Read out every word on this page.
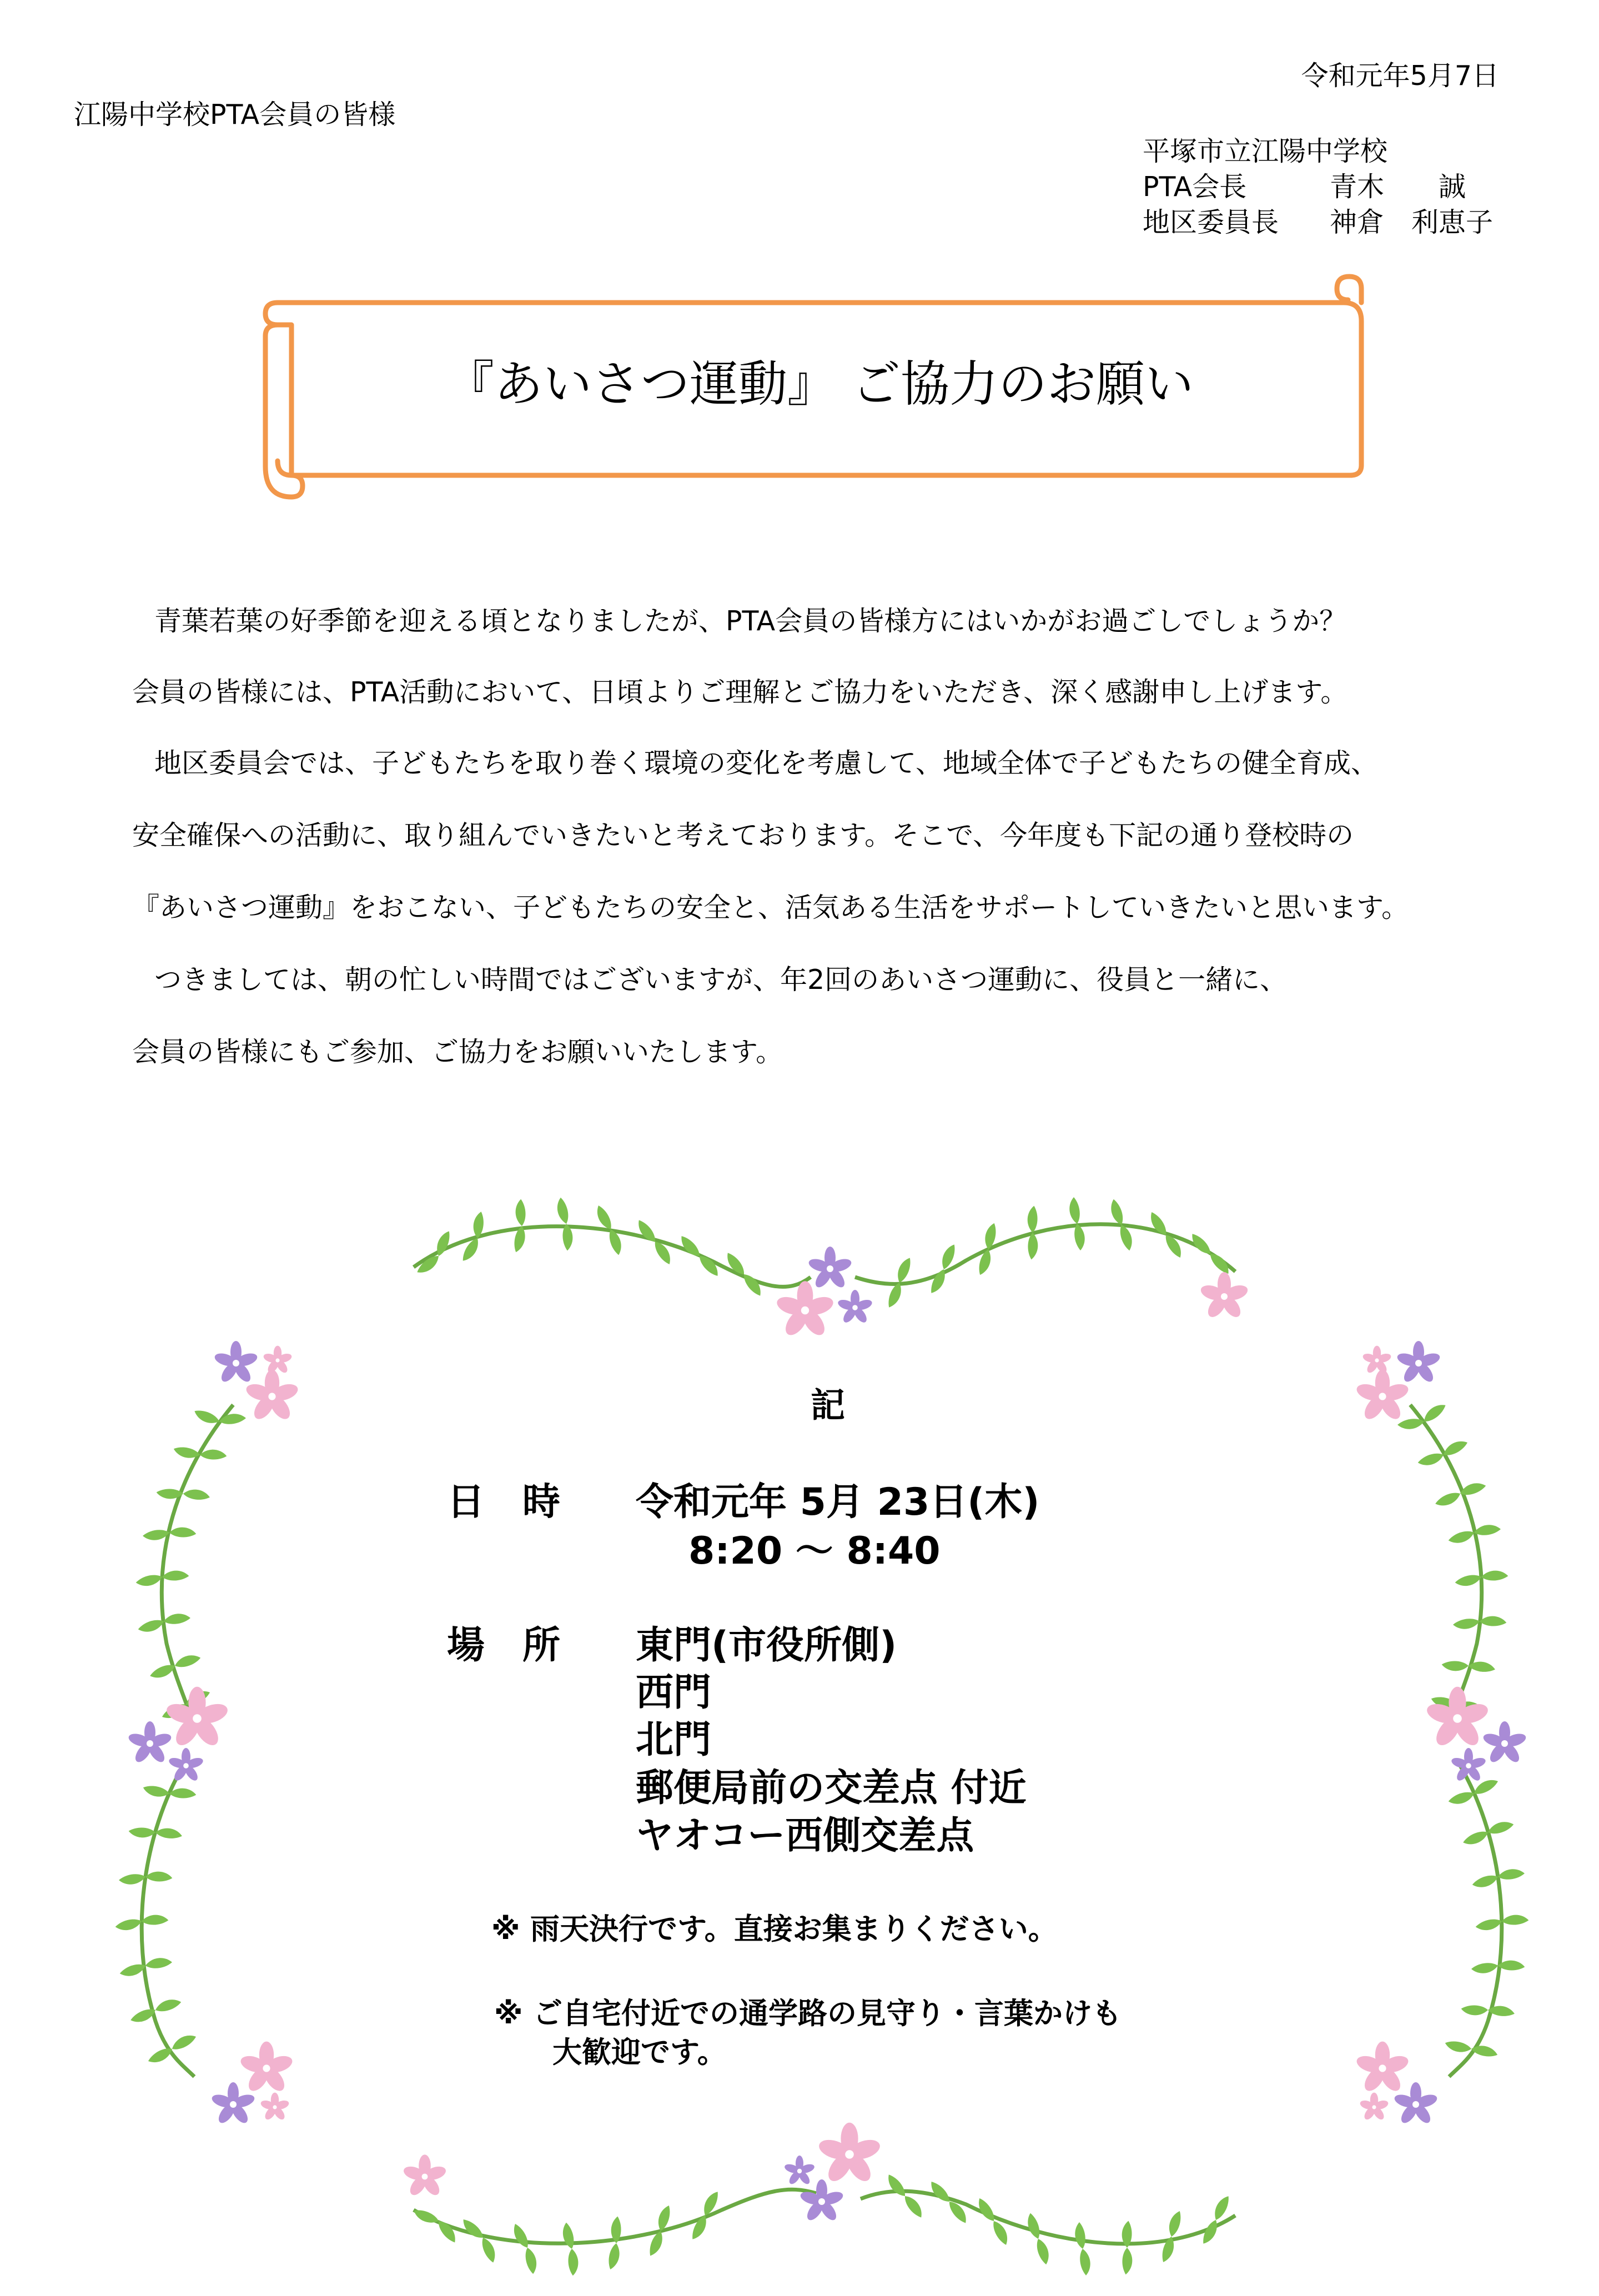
令和元年5月7日
江陽中学校PTA会員の皆様
平塚市立江陽中学校
PTA会長	青木　　誠
地区委員長 神倉　利恵子
『あいさつ運動』 ご協力のお願い
青葉若葉の好季節を迎える頃となりましたが、PTA会員の皆様方にはいかがお過ごしでしょうか？
会員の皆様には、PTA活動において、日頃よりご理解とご協力をいただき、深く感謝申し上げます。
地区委員会では、子どもたちを取り巻く環境の変化を考慮して、地域全体で子どもたちの健全育成、
安全確保への活動に、取り組んでいきたいと考えております。そこで、今年度も下記の通り登校時の
『あいさつ運動』をおこない、子どもたちの安全と、活気ある生活をサポートしていきたいと思います。
つきましては、朝の忙しい時間ではございますが、年2回のあいさつ運動に、役員と一緒に、
会員の皆様にもご参加、ご協力をお願いいたします。
記
日　時 令和元年 5月 23日(木)
8:20 〜 8:40
場　所 東門(市役所側)
西門
北門
郵便局前の交差点 付近
ヤオコー西側交差点
※ 雨天決行です。直接お集まりください。
※ ご自宅付近での通学路の見守り・言葉かけも
大歓迎です。
